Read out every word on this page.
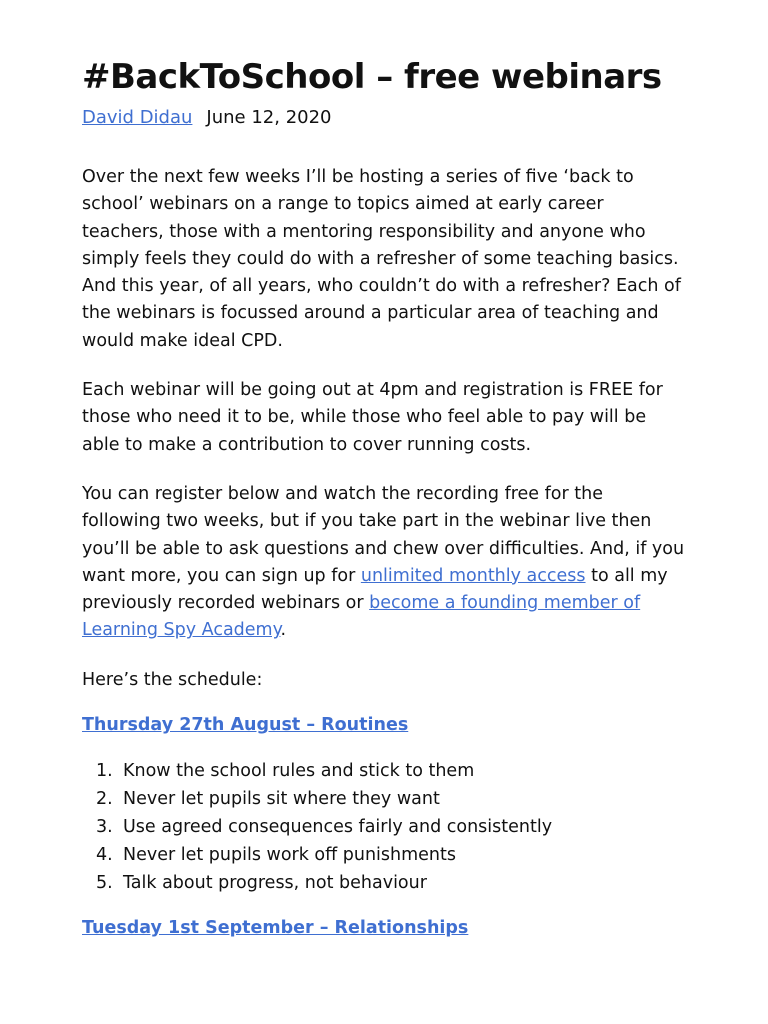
#BackToSchool – free webinars
David Didau June 12, 2020

Over the next few weeks I’ll be hosting a series of five ‘back to school’ webinars on a range to topics aimed at early career teachers, those with a mentoring responsibility and anyone who simply feels they could do with a refresher of some teaching basics. And this year, of all years, who couldn’t do with a refresher? Each of the webinars is focussed around a particular area of teaching and would make ideal CPD.

Each webinar will be going out at 4pm and registration is FREE for those who need it to be, while those who feel able to pay will be able to make a contribution to cover running costs.

You can register below and watch the recording free for the following two weeks, but if you take part in the webinar live then you’ll be able to ask questions and chew over difficulties. And, if you want more, you can sign up for unlimited monthly access to all my previously recorded webinars or become a founding member of Learning Spy Academy.

Here’s the schedule:

Thursday 27th August – Routines
1. Know the school rules and stick to them
2. Never let pupils sit where they want
3. Use agreed consequences fairly and consistently
4. Never let pupils work off punishments
5. Talk about progress, not behaviour
Tuesday 1st September – Relationships
